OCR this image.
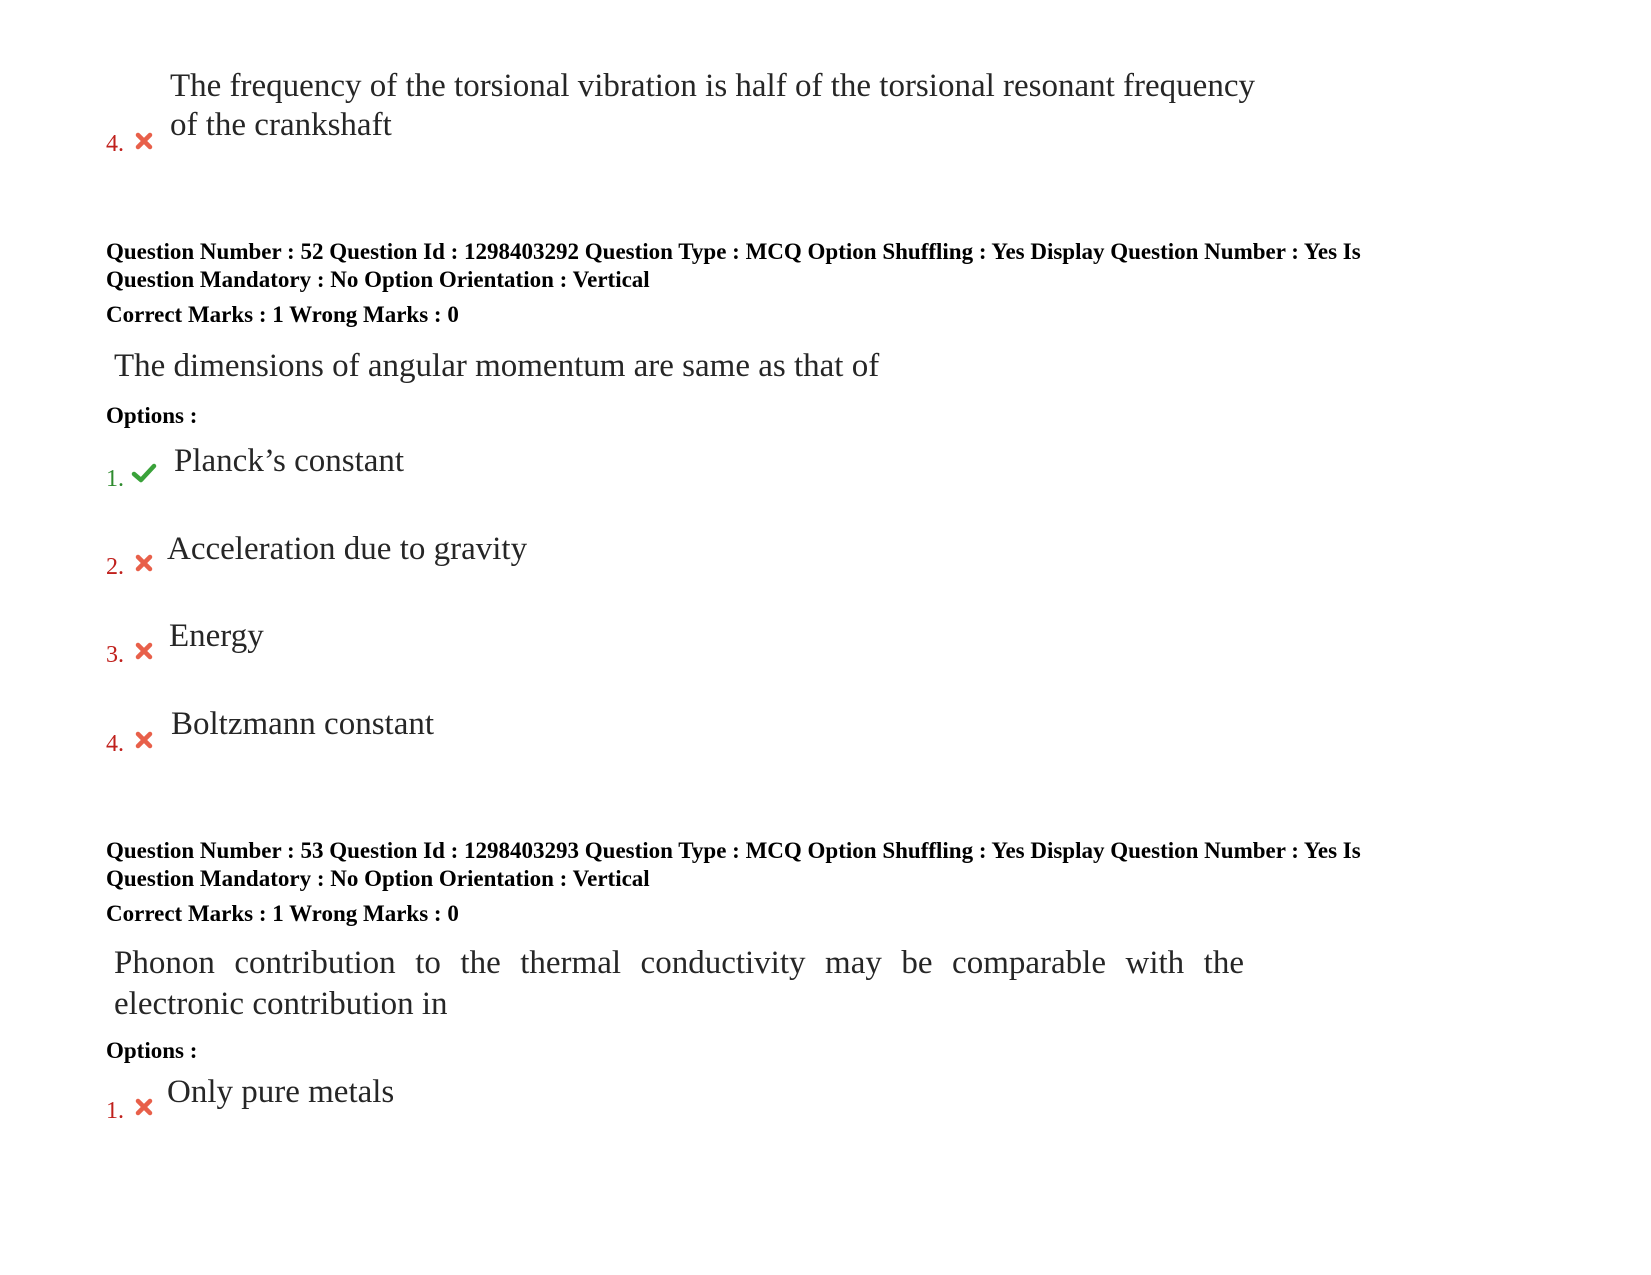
4.
The frequency of the torsional vibration is half of the torsional resonant frequency
of the crankshaft
Question Number : 52 Question Id : 1298403292 Question Type : MCQ Option Shuffling : Yes Display Question Number : Yes Is
Question Mandatory : No Option Orientation : Vertical
Correct Marks : 1 Wrong Marks : 0
The dimensions of angular momentum are same as that of
Options :
1. Planck’s constant
2. Acceleration due to gravity
3.
Energy
4.
Boltzmann constant
Question Number : 53 Question Id : 1298403293 Question Type : MCQ Option Shuffling : Yes Display Question Number : Yes Is
Question Mandatory : No Option Orientation : Vertical
Correct Marks : 1 Wrong Marks : 0
Phonon contribution to the thermal conductivity may be comparable with the
electronic contribution in
Options :
1.
Only pure metals
